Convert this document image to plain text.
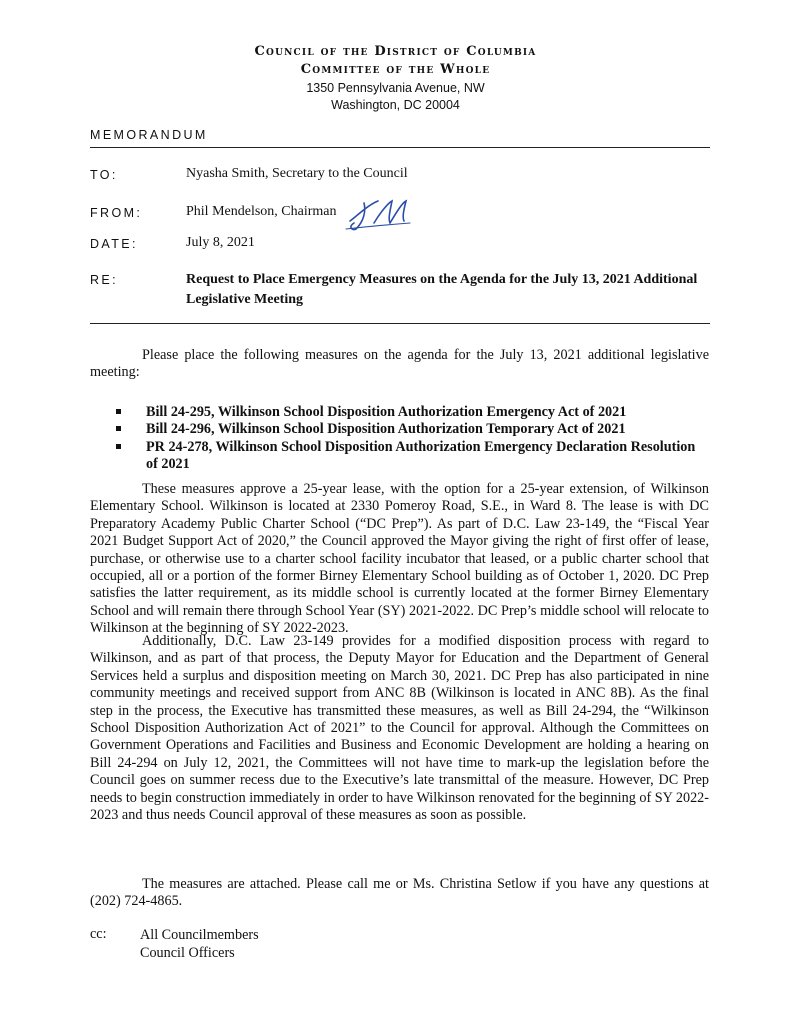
Council of the District of Columbia
Committee of the Whole
1350 Pennsylvania Avenue, NW
Washington, DC 20004
MEMORANDUM
TO:	Nyasha Smith, Secretary to the Council
FROM:	Phil Mendelson, Chairman
DATE:	July 8, 2021
RE:	Request to Place Emergency Measures on the Agenda for the July 13, 2021 Additional Legislative Meeting

Please place the following measures on the agenda for the July 13, 2021 additional legislative meeting:

Bill 24-295, Wilkinson School Disposition Authorization Emergency Act of 2021
Bill 24-296, Wilkinson School Disposition Authorization Temporary Act of 2021
PR 24-278, Wilkinson School Disposition Authorization Emergency Declaration Resolution of 2021

These measures approve a 25-year lease, with the option for a 25-year extension, of Wilkinson Elementary School. Wilkinson is located at 2330 Pomeroy Road, S.E., in Ward 8. The lease is with DC Preparatory Academy Public Charter School (“DC Prep”). As part of D.C. Law 23-149, the “Fiscal Year 2021 Budget Support Act of 2020,” the Council approved the Mayor giving the right of first offer of lease, purchase, or otherwise use to a charter school facility incubator that leased, or a public charter school that occupied, all or a portion of the former Birney Elementary School building as of October 1, 2020. DC Prep satisfies the latter requirement, as its middle school is currently located at the former Birney Elementary School and will remain there through School Year (SY) 2021-2022. DC Prep’s middle school will relocate to Wilkinson at the beginning of SY 2022-2023.

Additionally, D.C. Law 23-149 provides for a modified disposition process with regard to Wilkinson, and as part of that process, the Deputy Mayor for Education and the Department of General Services held a surplus and disposition meeting on March 30, 2021. DC Prep has also participated in nine community meetings and received support from ANC 8B (Wilkinson is located in ANC 8B). As the final step in the process, the Executive has transmitted these measures, as well as Bill 24-294, the “Wilkinson School Disposition Authorization Act of 2021” to the Council for approval. Although the Committees on Government Operations and Facilities and Business and Economic Development are holding a hearing on Bill 24-294 on July 12, 2021, the Committees will not have time to mark-up the legislation before the Council goes on summer recess due to the Executive’s late transmittal of the measure. However, DC Prep needs to begin construction immediately in order to have Wilkinson renovated for the beginning of SY 2022-2023 and thus needs Council approval of these measures as soon as possible.

The measures are attached. Please call me or Ms. Christina Setlow if you have any questions at (202) 724-4865.

cc: All Councilmembers
Council Officers
